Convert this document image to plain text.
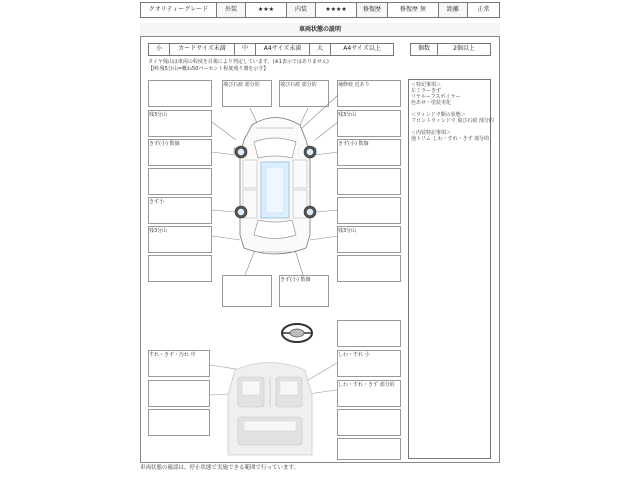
クオリティーグレード	外装	★★★	内装	★★★★	修復歴	修復歴 無	距離	正常
車両状態の説明
小	カードサイズ未満	中	A4サイズ未満	大	A4サイズ以上	個数	2個以上
タイヤ残山は車両の程度を目視により判定しています。(※1表示ではありません)
【例:残5分山=概ね50パーセント程度残り溝を示す】
＜特記事項＞
左ミラーきず
リヤルーフスポイラー
色あせ・塗装劣化
＜ウィンドウ類の状態＞
フロントウィンドウ 飛び石痕 部分的
＜内装特記事項＞
他トリム しわ・すれ・きず 部分的
残3分山
きず(小) 数個
きず小
残3分山
飛び石痕 部分的	飛び石痕 部分的	補修痕 近あり
残3分山
きず(小) 数個
残3分山
きず(小) 数個
すれ・きず・汚れ 中	しわ・すれ 小
しわ・すれ・きず 部分的
車両状態の確認は、停止状態で実施できる範囲で行っています。
